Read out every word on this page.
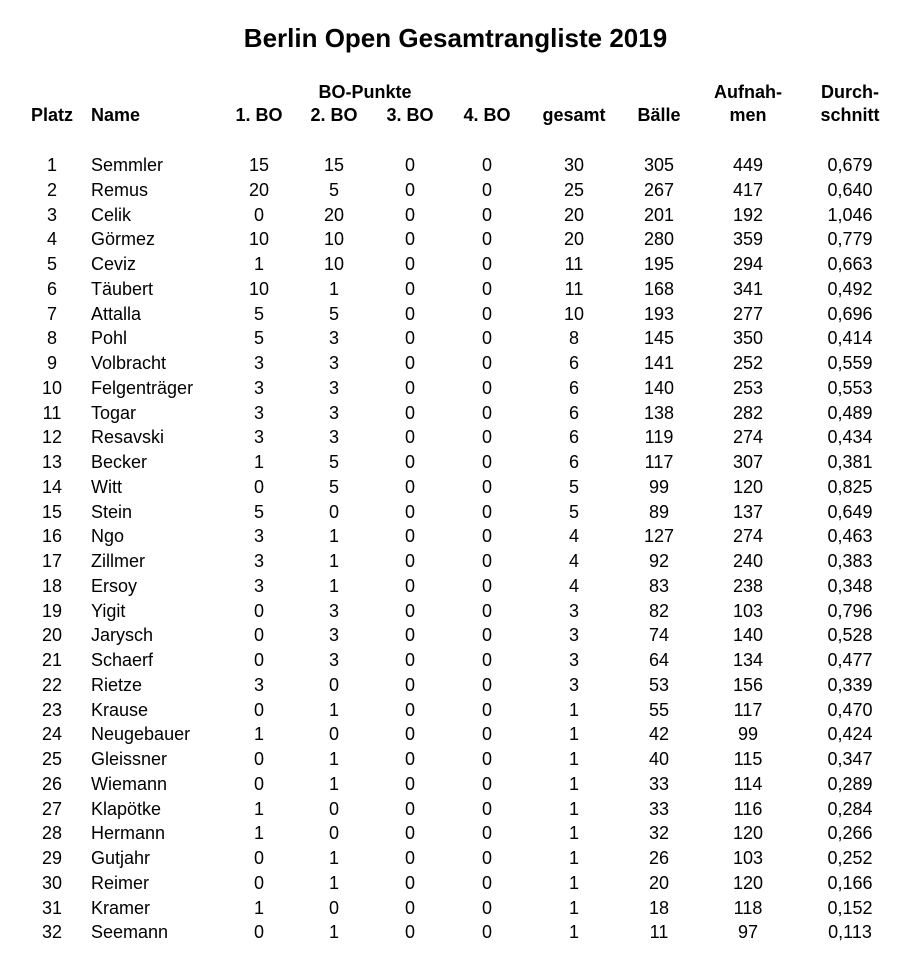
Berlin Open Gesamtrangliste 2019
BO-Punkte
Platz Name	1. BO	2. BO	3. BO	4. BO	gesamt	Bälle
Aufnah-
men
Durch-
schnitt
1	Semmler	15	15	0	0	30	305	449	0,679
2	Remus	20	5	0	0	25	267	417	0,640
3	Celik	0	20	0	0	20	201	192	1,046
4	Görmez	10	10	0	0	20	280	359	0,779
5	Ceviz	1	10	0	0	11	195	294	0,663
6	Täubert	10	1	0	0	11	168	341	0,492
7	Attalla	5	5	0	0	10	193	277	0,696
8	Pohl	5	3	0	0	8	145	350	0,414
9	Volbracht	3	3	0	0	6	141	252	0,559
10	Felgenträger	3	3	0	0	6	140	253	0,553
11	Togar	3	3	0	0	6	138	282	0,489
12	Resavski	3	3	0	0	6	119	274	0,434
13	Becker	1	5	0	0	6	117	307	0,381
14	Witt	0	5	0	0	5	99	120	0,825
15	Stein	5	0	0	0	5	89	137	0,649
16	Ngo	3	1	0	0	4	127	274	0,463
17	Zillmer	3	1	0	0	4	92	240	0,383
18	Ersoy	3	1	0	0	4	83	238	0,348
19	Yigit	0	3	0	0	3	82	103	0,796
20	Jarysch	0	3	0	0	3	74	140	0,528
21	Schaerf	0	3	0	0	3	64	134	0,477
22	Rietze	3	0	0	0	3	53	156	0,339
23	Krause	0	1	0	0	1	55	117	0,470
24	Neugebauer	1	0	0	0	1	42	99	0,424
25	Gleissner	0	1	0	0	1	40	115	0,347
26	Wiemann	0	1	0	0	1	33	114	0,289
27	Klapötke	1	0	0	0	1	33	116	0,284
28	Hermann	1	0	0	0	1	32	120	0,266
29	Gutjahr	0	1	0	0	1	26	103	0,252
30	Reimer	0	1	0	0	1	20	120	0,166
31	Kramer	1	0	0	0	1	18	118	0,152
32	Seemann	0	1	0	0	1	11	97	0,113
